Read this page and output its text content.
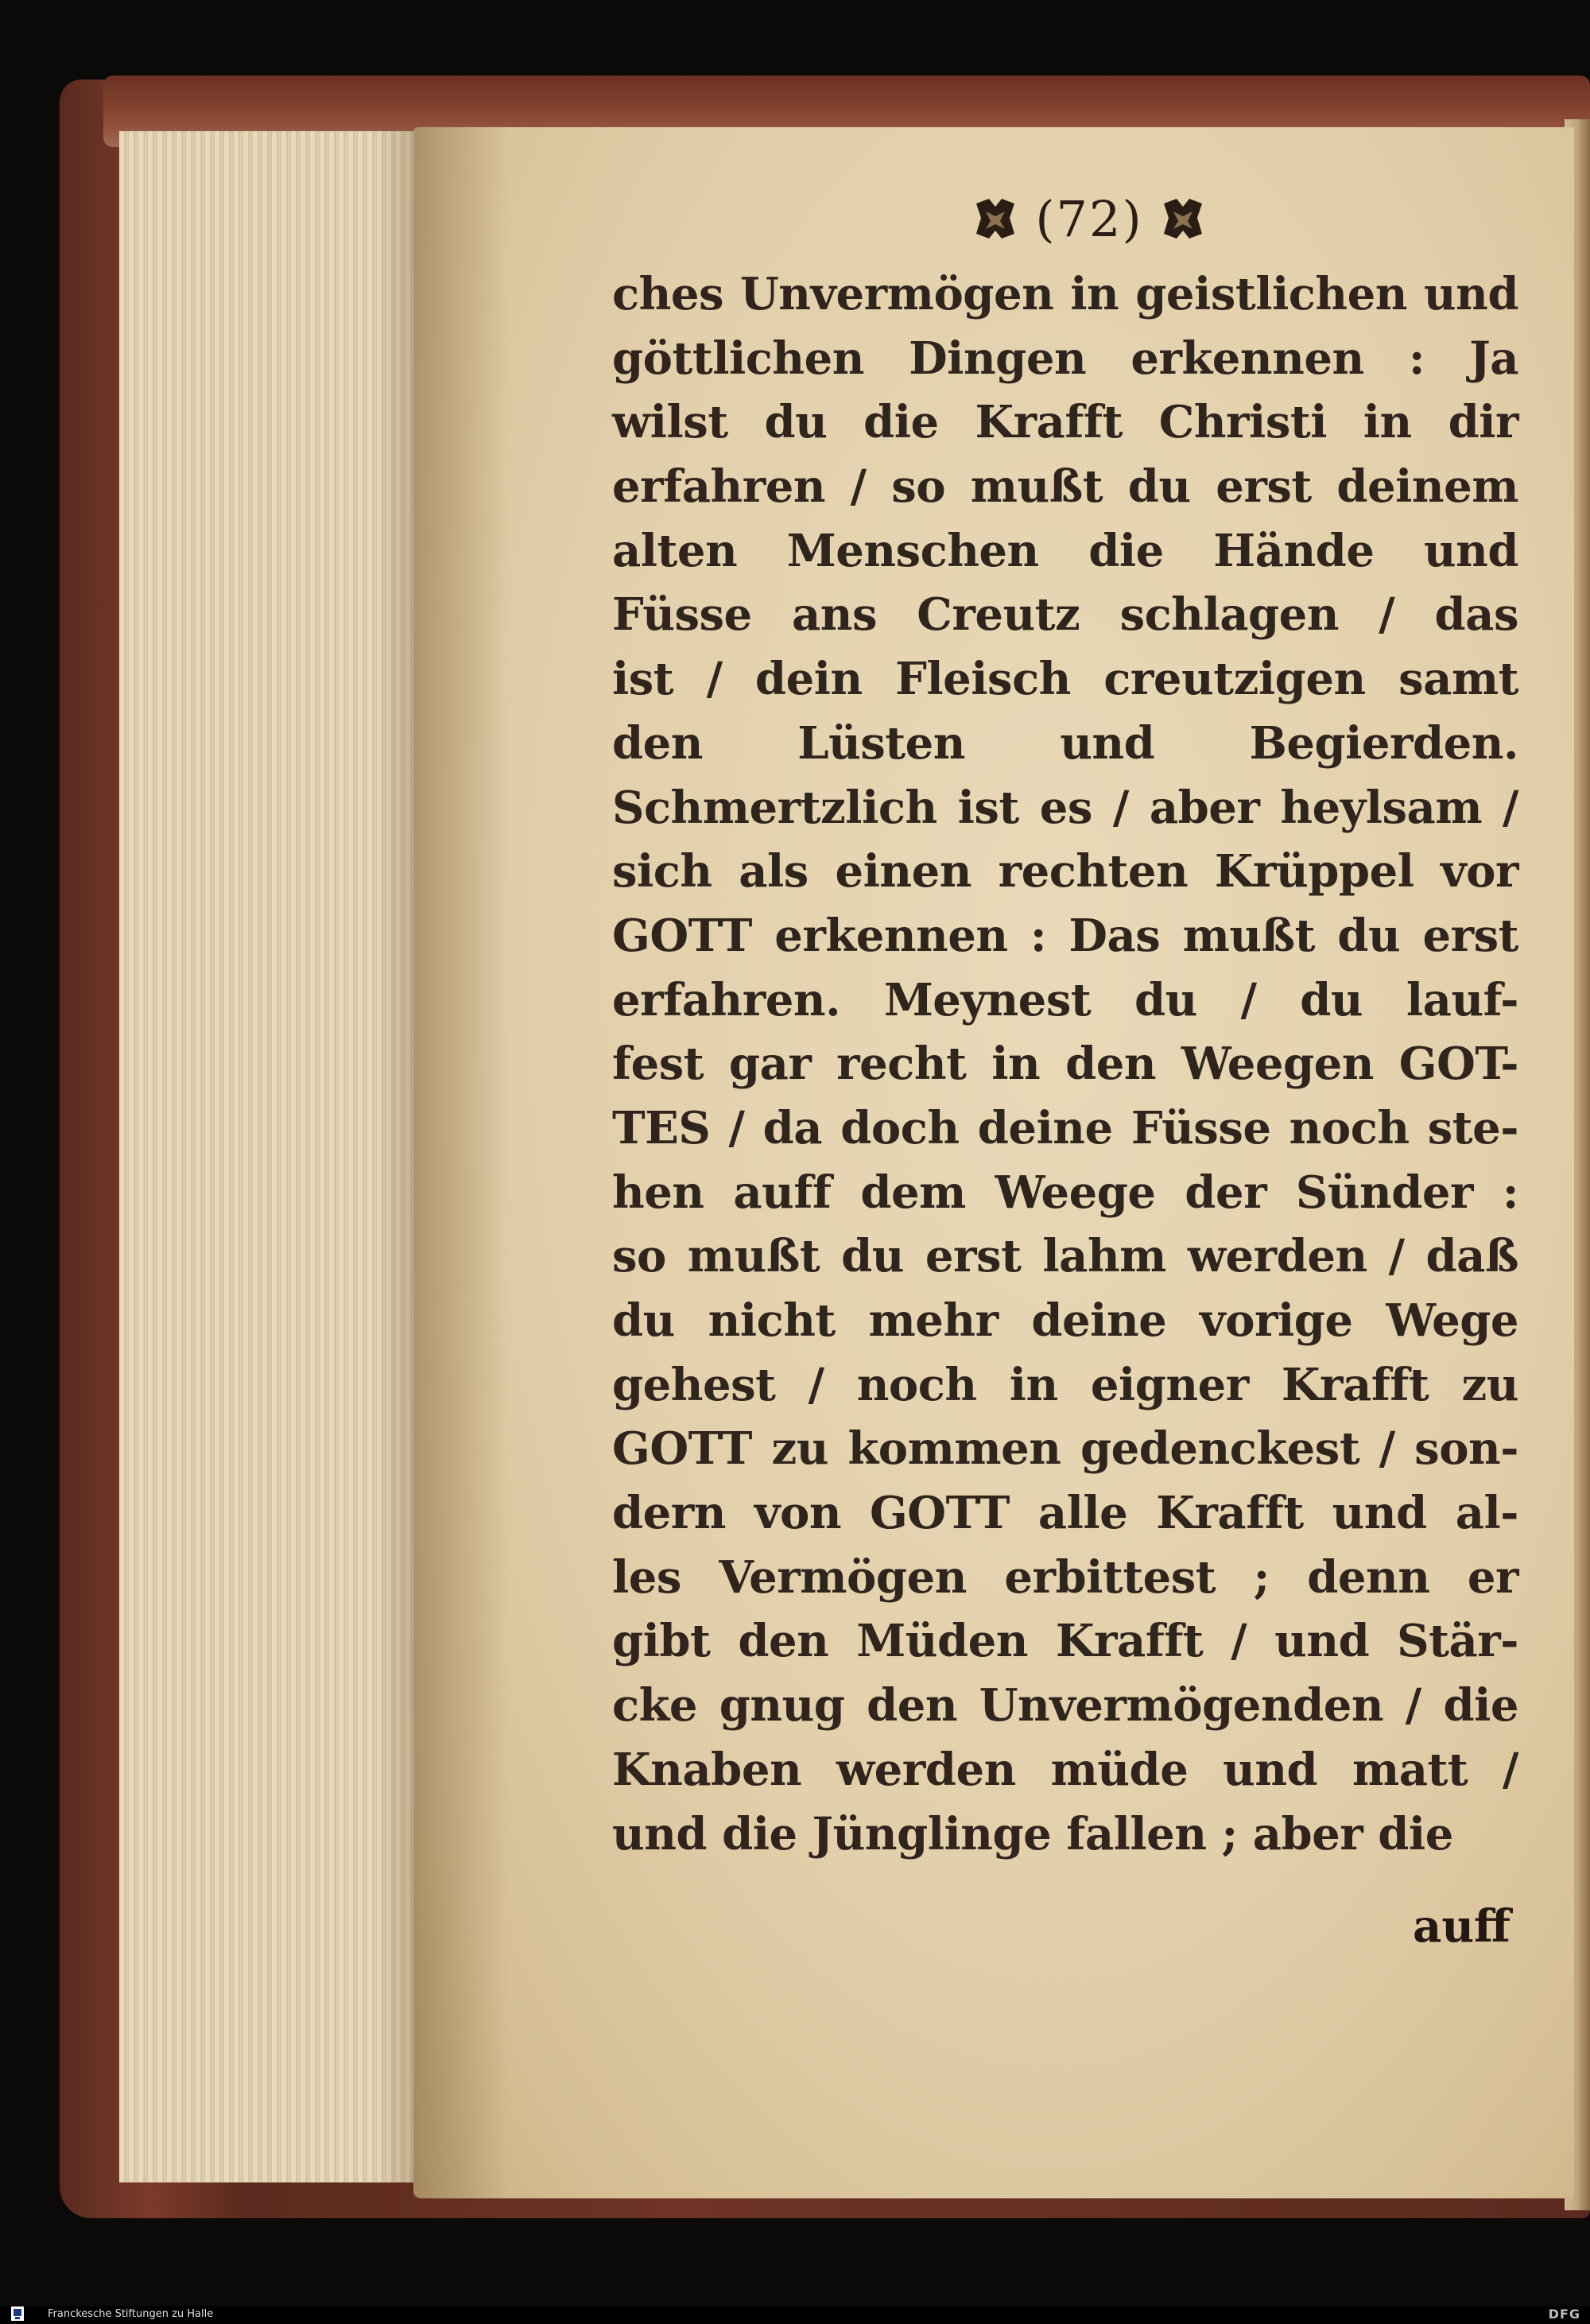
(72)
ches Unvermögen in geistlichen und
göttlichen Dingen erkennen : Ja
wilst du die Krafft Christi in dir
erfahren / so mußt du erst deinem
alten Menschen die Hände und
Füsse ans Creutz schlagen / das
ist / dein Fleisch creutzigen samt
den Lüsten und Begierden.
Schmertzlich ist es / aber heylsam /
sich als einen rechten Krüppel vor
GOTT erkennen : Das mußt du erst
erfahren. Meynest du / du lauf-
fest gar recht in den Weegen GOT-
TES / da doch deine Füsse noch ste-
hen auff dem Weege der Sünder :
so mußt du erst lahm werden / daß
du nicht mehr deine vorige Wege
gehest / noch in eigner Krafft zu
GOTT zu kommen gedenckest / son-
dern von GOTT alle Krafft und al-
les Vermögen erbittest ; denn er
gibt den Müden Krafft / und Stär-
cke gnug den Unvermögenden / die
Knaben werden müde und matt /
und die Jünglinge fallen ; aber die
auff
Franckesche Stiftungen zu Halle	DFG
